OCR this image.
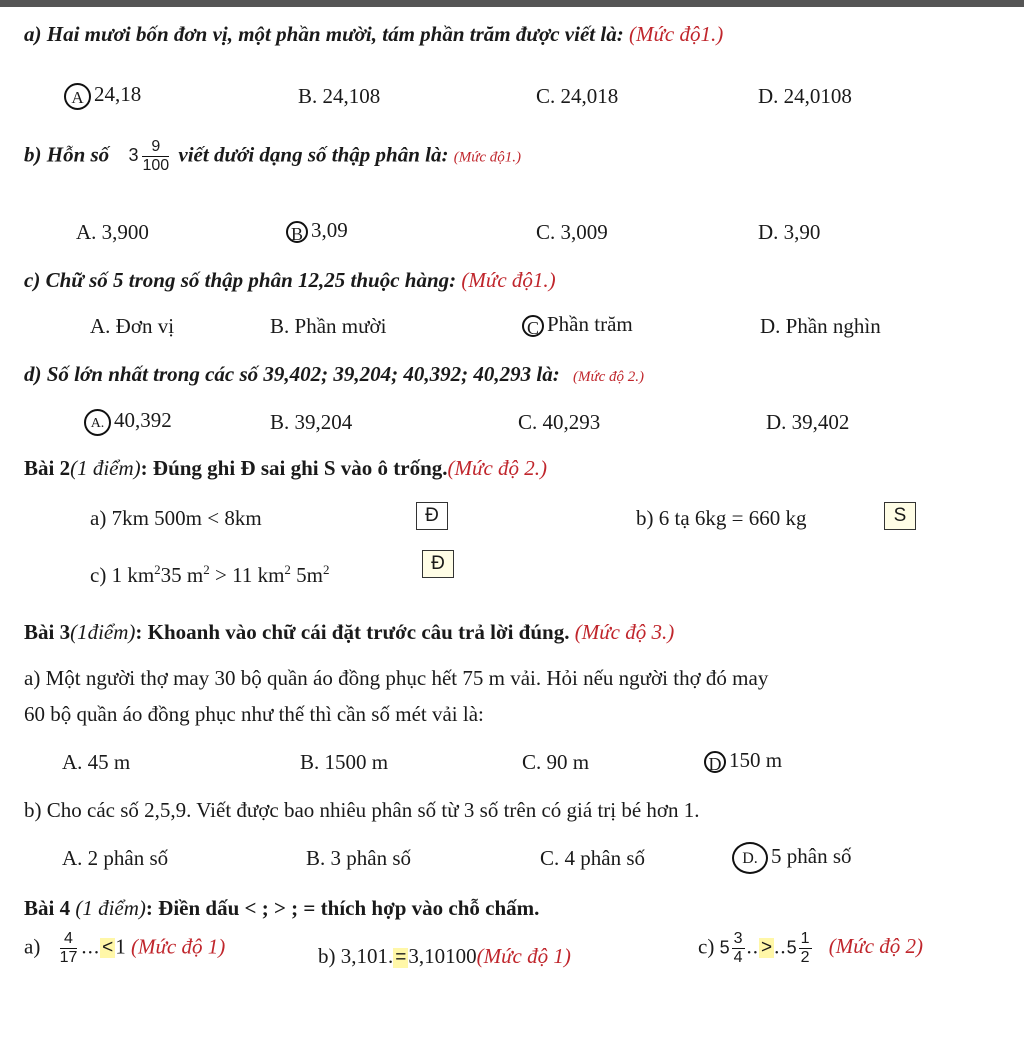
a) Hai mươi bốn đơn vị, một phần mười, tám phần trăm được viết là: (Mức độ1.)
A 24,18	B. 24,108	C. 24,018	D. 24,0108
b) Hỗn số $3 \frac{9}{100}$ viết dưới dạng số thập phân là: (Mức độ1.)
A. 3,900	B 3,09	C. 3,009	D. 3,90
c) Chữ số 5 trong số thập phân 12,25 thuộc hàng: (Mức độ1.)
A. Đơn vị	B. Phần mười	C Phần trăm	D. Phần nghìn
d) Số lớn nhất trong các số 39,402; 39,204; 40,392; 40,293 là: (Mức độ 2.)
A. 40,392	B. 39,204	C. 40,293	D. 39,402
Bài 2(1 điểm): Đúng ghi Đ sai ghi S vào ô trống.(Mức độ 2.)
a) 7km 500m < 8km	Đ	b) 6 tạ 6kg = 660 kg	S
c) 1 $km^235$ $m^2 > 11$ $km^2$ $5m^2$	Đ
Bài 3(1điểm): Khoanh vào chữ cái đặt trước câu trả lời đúng. (Mức độ 3.)
a) Một người thợ may 30 bộ quần áo đồng phục hết 75 m vải. Hỏi nếu người thợ đó may
60 bộ quần áo đồng phục như thế thì cần số mét vải là:
A. 45 m	B. 1500 m	C. 90 m	D 150 m
b) Cho các số 2,5,9. Viết được bao nhiêu phân số từ 3 số trên có giá trị bé hơn 1.
A. 2 phân số	B. 3 phân số	C. 4 phân số	D. 5 phân số
Bài 4 (1 điểm): Điền dấu < ; > ; = thích hợp vào chỗ chấm.
$a) \frac{4}{17}$ ... <1 (Mức độ 1)	b) 3,101. =3,10100(Mức độ 1)	c) $5 \frac{3}{4}$ .. $>..5 \frac{1}{2}$ (Mức độ 2)
